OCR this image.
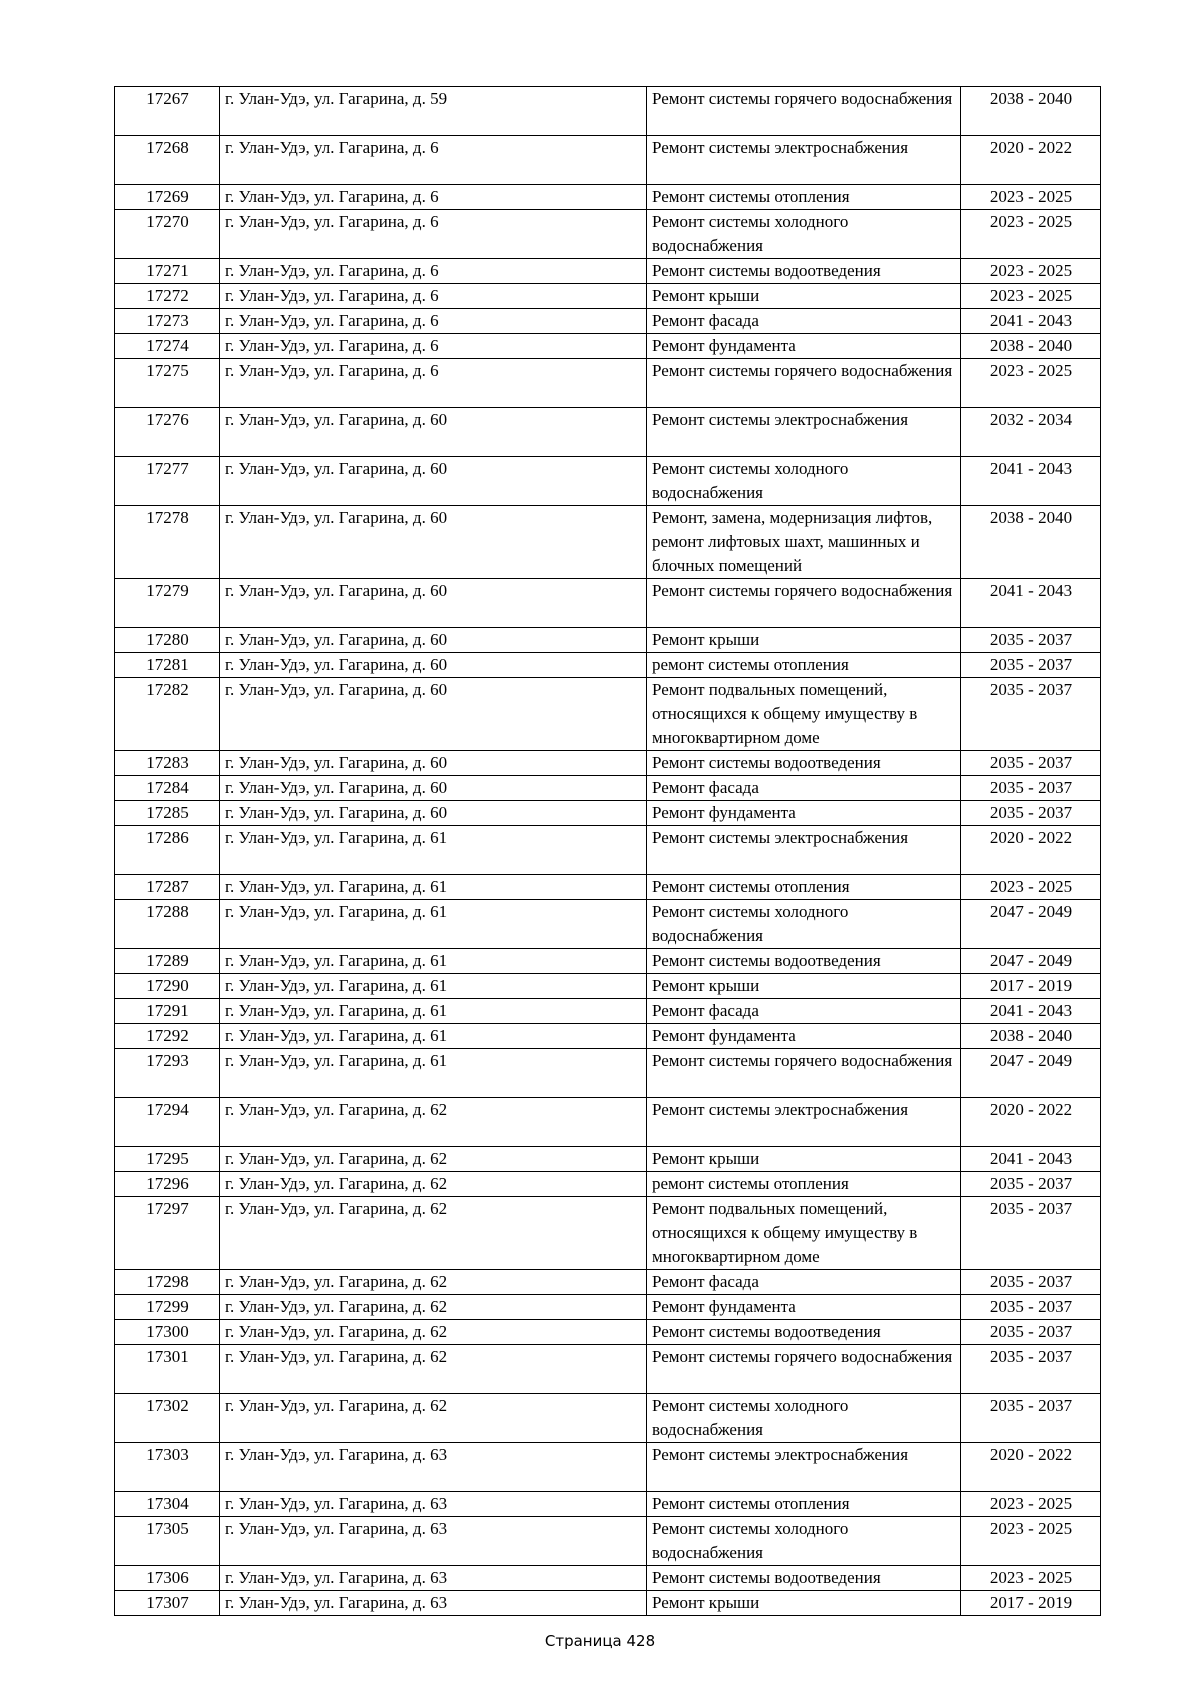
17267	г. Улан-Удэ, ул. Гагарина, д. 59	Ремонт системы горячего водоснабжения	2038 - 2040
17268	г. Улан-Удэ, ул. Гагарина, д. 6	Ремонт системы электроснабжения	2020 - 2022
17269	г. Улан-Удэ, ул. Гагарина, д. 6	Ремонт системы отопления	2023 - 2025
17270	г. Улан-Удэ, ул. Гагарина, д. 6	Ремонт системы холодного водоснабжения	2023 - 2025
17271	г. Улан-Удэ, ул. Гагарина, д. 6	Ремонт системы водоотведения	2023 - 2025
17272	г. Улан-Удэ, ул. Гагарина, д. 6	Ремонт крыши	2023 - 2025
17273	г. Улан-Удэ, ул. Гагарина, д. 6	Ремонт фасада	2041 - 2043
17274	г. Улан-Удэ, ул. Гагарина, д. 6	Ремонт фундамента	2038 - 2040
17275	г. Улан-Удэ, ул. Гагарина, д. 6	Ремонт системы горячего водоснабжения	2023 - 2025
17276	г. Улан-Удэ, ул. Гагарина, д. 60	Ремонт системы электроснабжения	2032 - 2034
17277	г. Улан-Удэ, ул. Гагарина, д. 60	Ремонт системы холодного водоснабжения	2041 - 2043
17278	г. Улан-Удэ, ул. Гагарина, д. 60	Ремонт, замена, модернизация лифтов, ремонт лифтовых шахт, машинных и блочных помещений	2038 - 2040
17279	г. Улан-Удэ, ул. Гагарина, д. 60	Ремонт системы горячего водоснабжения	2041 - 2043
17280	г. Улан-Удэ, ул. Гагарина, д. 60	Ремонт крыши	2035 - 2037
17281	г. Улан-Удэ, ул. Гагарина, д. 60	ремонт системы отопления	2035 - 2037
17282	г. Улан-Удэ, ул. Гагарина, д. 60	Ремонт подвальных помещений, относящихся к общему имуществу в многоквартирном доме	2035 - 2037
17283	г. Улан-Удэ, ул. Гагарина, д. 60	Ремонт системы водоотведения	2035 - 2037
17284	г. Улан-Удэ, ул. Гагарина, д. 60	Ремонт фасада	2035 - 2037
17285	г. Улан-Удэ, ул. Гагарина, д. 60	Ремонт фундамента	2035 - 2037
17286	г. Улан-Удэ, ул. Гагарина, д. 61	Ремонт системы электроснабжения	2020 - 2022
17287	г. Улан-Удэ, ул. Гагарина, д. 61	Ремонт системы отопления	2023 - 2025
17288	г. Улан-Удэ, ул. Гагарина, д. 61	Ремонт системы холодного водоснабжения	2047 - 2049
17289	г. Улан-Удэ, ул. Гагарина, д. 61	Ремонт системы водоотведения	2047 - 2049
17290	г. Улан-Удэ, ул. Гагарина, д. 61	Ремонт крыши	2017 - 2019
17291	г. Улан-Удэ, ул. Гагарина, д. 61	Ремонт фасада	2041 - 2043
17292	г. Улан-Удэ, ул. Гагарина, д. 61	Ремонт фундамента	2038 - 2040
17293	г. Улан-Удэ, ул. Гагарина, д. 61	Ремонт системы горячего водоснабжения	2047 - 2049
17294	г. Улан-Удэ, ул. Гагарина, д. 62	Ремонт системы электроснабжения	2020 - 2022
17295	г. Улан-Удэ, ул. Гагарина, д. 62	Ремонт крыши	2041 - 2043
17296	г. Улан-Удэ, ул. Гагарина, д. 62	ремонт системы отопления	2035 - 2037
17297	г. Улан-Удэ, ул. Гагарина, д. 62	Ремонт подвальных помещений, относящихся к общему имуществу в многоквартирном доме	2035 - 2037
17298	г. Улан-Удэ, ул. Гагарина, д. 62	Ремонт фасада	2035 - 2037
17299	г. Улан-Удэ, ул. Гагарина, д. 62	Ремонт фундамента	2035 - 2037
17300	г. Улан-Удэ, ул. Гагарина, д. 62	Ремонт системы водоотведения	2035 - 2037
17301	г. Улан-Удэ, ул. Гагарина, д. 62	Ремонт системы горячего водоснабжения	2035 - 2037
17302	г. Улан-Удэ, ул. Гагарина, д. 62	Ремонт системы холодного водоснабжения	2035 - 2037
17303	г. Улан-Удэ, ул. Гагарина, д. 63	Ремонт системы электроснабжения	2020 - 2022
17304	г. Улан-Удэ, ул. Гагарина, д. 63	Ремонт системы отопления	2023 - 2025
17305	г. Улан-Удэ, ул. Гагарина, д. 63	Ремонт системы холодного водоснабжения	2023 - 2025
17306	г. Улан-Удэ, ул. Гагарина, д. 63	Ремонт системы водоотведения	2023 - 2025
17307	г. Улан-Удэ, ул. Гагарина, д. 63	Ремонт крыши	2017 - 2019
Страница 428
